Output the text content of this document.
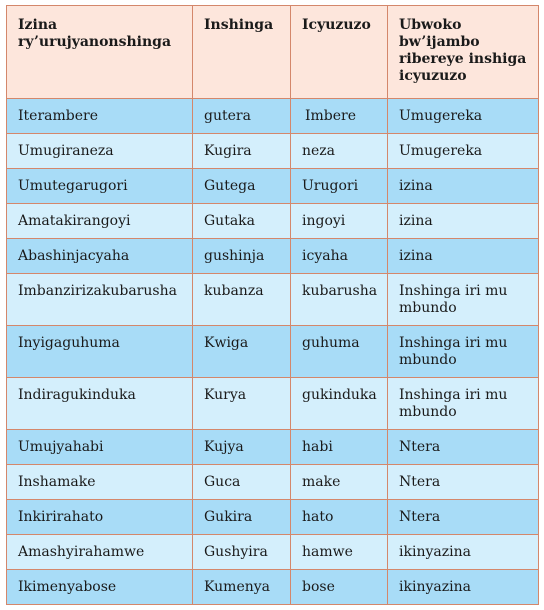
Izina ry’urujyanonshinga	Inshinga	Icyuzuzo	Ubwoko bw’ijambo ribereye inshiga icyuzuzo
Iterambere	gutera	Imbere	Umugereka
Umugiraneza	Kugira	neza	Umugereka
Umutegarugori	Gutega	Urugori	izina
Amatakirangoyi	Gutaka	ingoyi	izina
Abashinjacyaha	gushinja	icyaha	izina
Imbanzirizakubarusha	kubanza	kubarusha	Inshinga iri mu mbundo
Inyigaguhuma	Kwiga	guhuma	Inshinga iri mu mbundo
Indiragukinduka	Kurya	gukinduka	Inshinga iri mu mbundo
Umujyahabi	Kujya	habi	Ntera
Inshamake	Guca	make	Ntera
Inkirirahato	Gukira	hato	Ntera
Amashyirahamwe	Gushyira	hamwe	ikinyazina
Ikimenyabose	Kumenya	bose	ikinyazina
